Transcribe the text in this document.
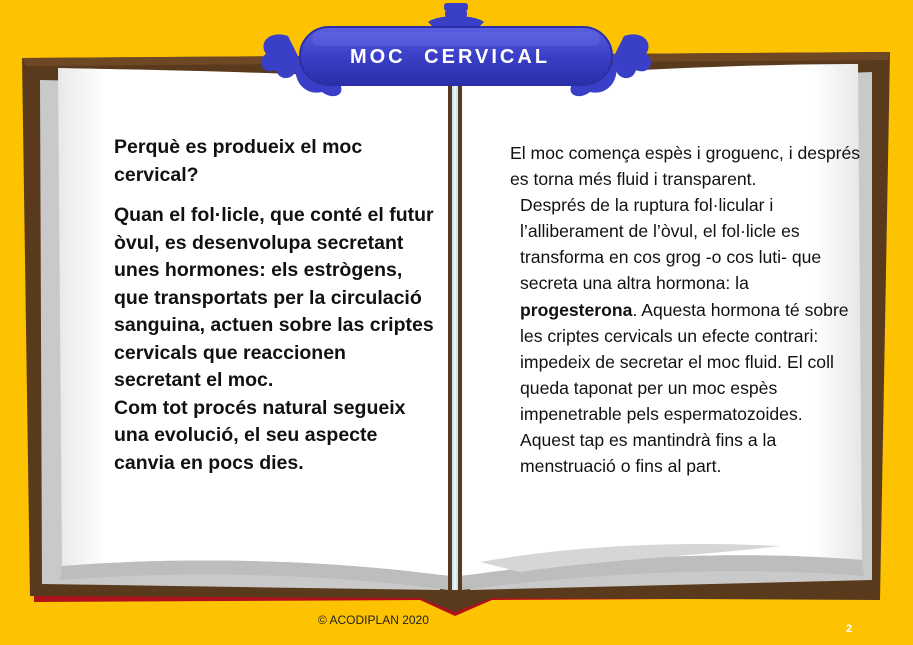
MOC CERVICAL

Perquè es produeix el moc cervical?

Quan el fol·licle, que conté el futur òvul, es desenvolupa secretant unes hormones: els estrògens, que transportats per la circulació sanguina, actuen sobre las criptes cervicals que reaccionen secretant el moc.

Com tot procés natural segueix una evolució, el seu aspecte canvia en pocs dies.

El moc comença espès i groguenc, i després es torna més fluid i transparent.

Després de la ruptura fol·licular i l’alliberament de l’òvul, el fol·licle es transforma en cos grog -o cos luti- que secreta una altra hormona: la progesterona. Aquesta hormona té sobre les criptes cervicals un efecte contrari: impedeix de secretar el moc fluid. El coll queda taponat per un moc espès impenetrable pels espermatozoides.

Aquest tap es mantindrà fins a la menstruació o fins al part.

© ACODIPLAN 2020
2
